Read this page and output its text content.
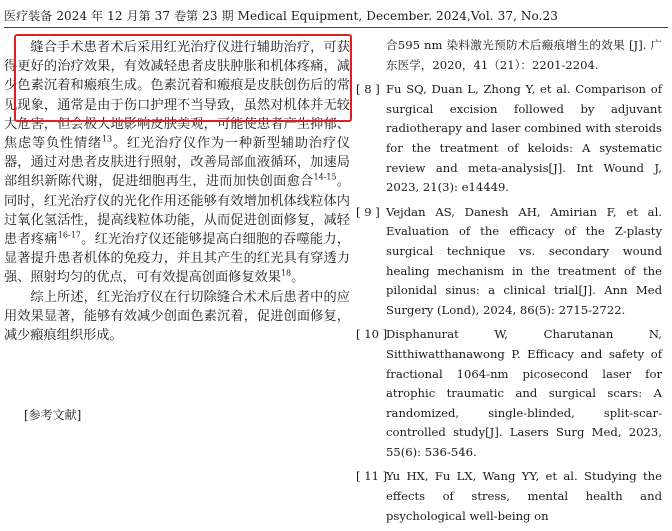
医疗装备 2024 年 12 月第 37 卷第 23 期 Medical Equipment, December. 2024,Vol. 37, No.23

缝合手术患者术后采用红光治疗仪进行辅助治疗，可获得更好的治疗效果，有效减轻患者皮肤肿胀和机体疼痛，减少色素沉着和瘢痕生成。色素沉着和瘢痕是皮肤创伤后的常见现象，通常是由于伤口护理不当导致，虽然对机体并无较大危害，但会极大地影响皮肤美观，可能使患者产生抑郁、焦虑等负性情绪$^{13}$。红光治疗仪作为一种新型辅助治疗仪器，通过对患者皮肤进行照射，改善局部血液循环，加速局部组织新陈代谢，促进细胞再生，进而加快创面愈合$^{14-15}$。同时，红光治疗仪的光化作用还能够有效增加机体线粒体内过氧化氢活性，提高线粒体功能，从而促进创面修复，减轻患者疼痛$^{16-17}$。红光治疗仪还能够提高白细胞的吞噬能力，显著提升患者机体的免疫力，并且其产生的红光具有穿透力强、照射均匀的优点，可有效提高创面修复效果$^{18}$。

综上所述，红光治疗仪在行切除缝合术术后患者中的应用效果显著，能够有效减少创面色素沉着，促进创面修复，减少瘢痕组织形成。

[参考文献]

合595 nm 染料激光预防术后瘢痕增生的效果 [J]. 广东医学，2020，41（21）：2201-2204.

[ 8 ] Fu SQ, Duan L, Zhong Y, et al. Comparison of surgical excision followed by adjuvant radiotherapy and laser combined with steroids for the treatment of keloids: A systematic review and meta-analysis[J]. Int Wound J, 2023, 21(3): e14449.

[ 9 ] Vejdan AS, Danesh AH, Amirian F, et al. Evaluation of the efficacy of the Z-plasty surgical technique vs. secondary wound healing mechanism in the treatment of the pilonidal sinus: a clinical trial[J]. Ann Med Surgery (Lond), 2024, 86(5): 2715-2722.

[ 10 ]
Disphanurat W, Charutanan N, Sitthiwatthanawong P. Efficacy and safety of fractional 1064-nm picosecond laser for atrophic traumatic and surgical scars: A randomized, single-blinded, split-scar-controlled study[J]. Lasers Surg Med, 2023, 55(6): 536-546.

[ 11 ]
Yu HX, Fu LX, Wang YY, et al. Studying the effects of stress, mental health and psychological well-being on
